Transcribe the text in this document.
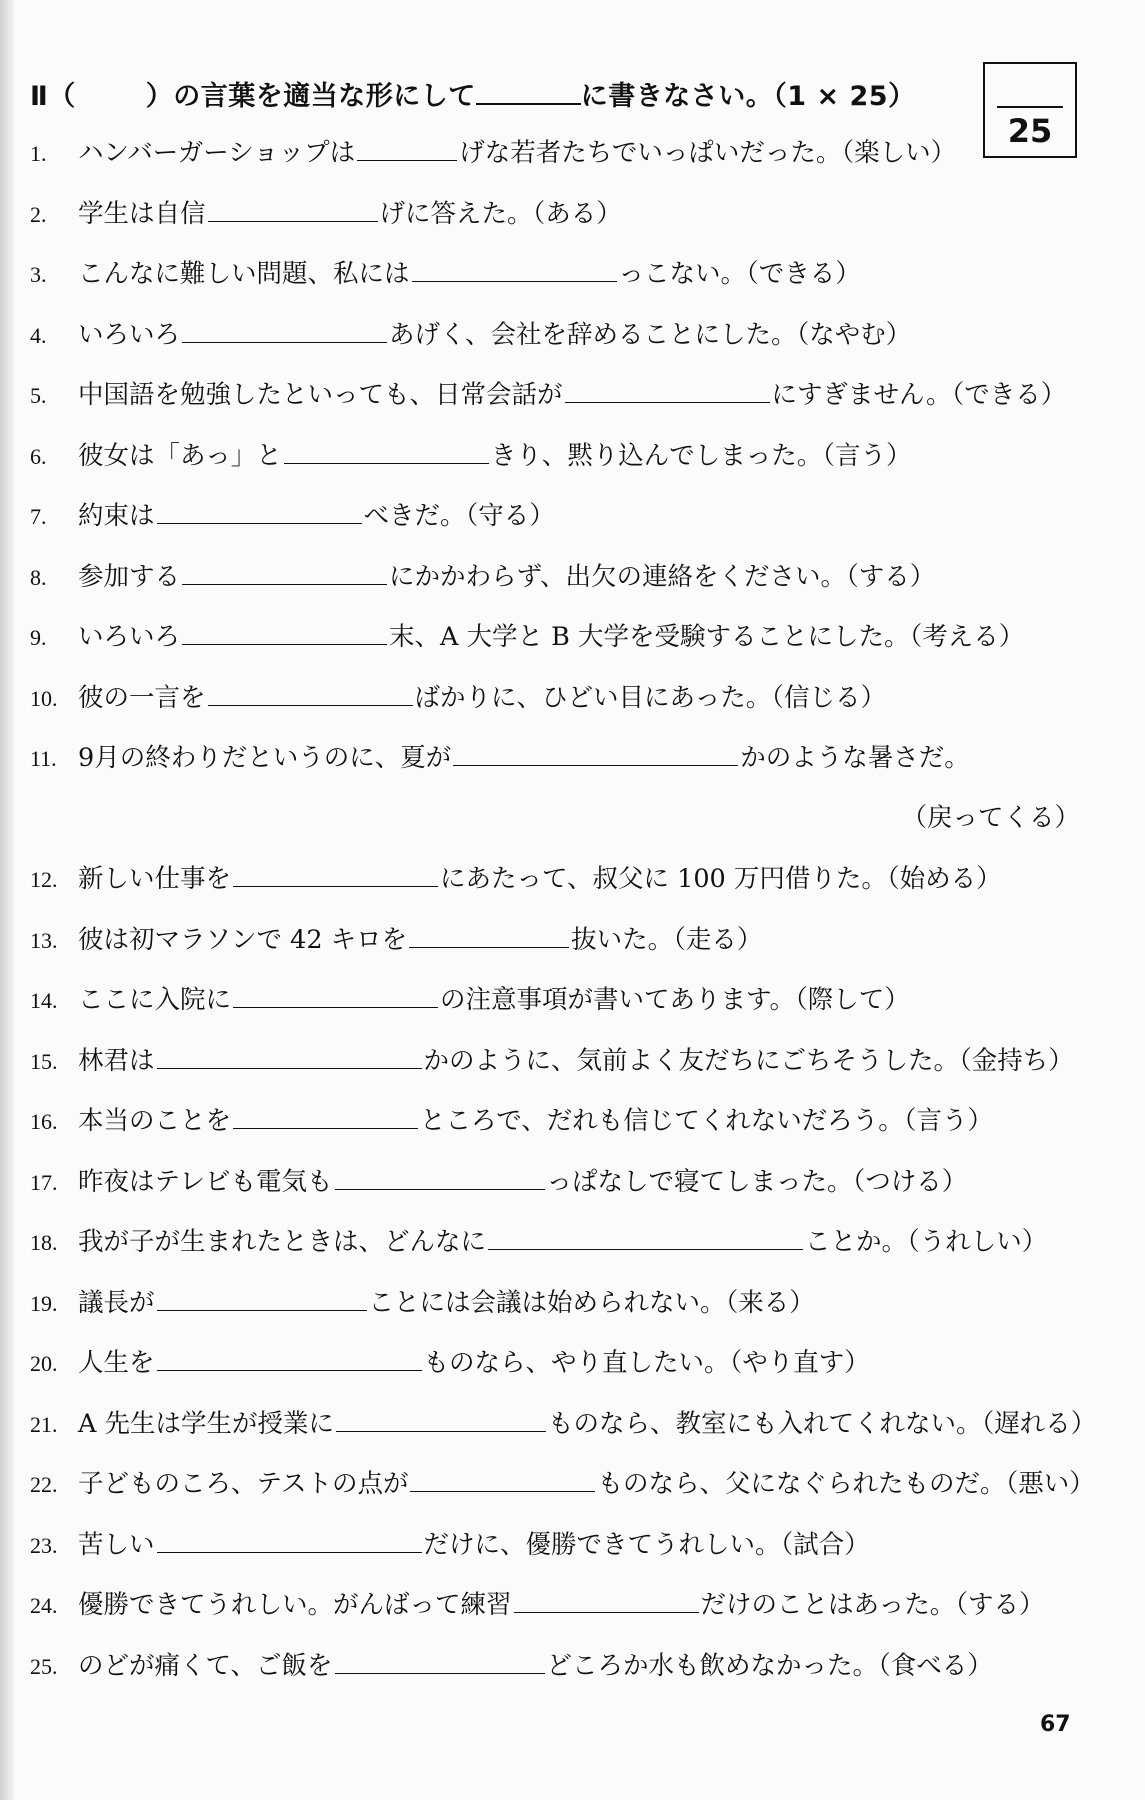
Ⅱ（	）の言葉を適当な形にして	に書きなさい。（1 × 25）
25
1. ハンバーガーショップは	げな若者たちでいっぱいだった。（楽しい）
2. 学生は自信	げに答えた。（ある）
3. こんなに難しい問題、私には	っこない。（できる）
4. いろいろ	あげく、会社を辞めることにした。（なやむ）
5. 中国語を勉強したといっても、日常会話が	にすぎません。（できる）
6. 彼女は「あっ」と	きり、黙り込んでしまった。（言う）
7. 約束は	べきだ。（守る）
8. 参加する	にかかわらず、出欠の連絡をください。（する）
9. いろいろ	末、A 大学と B 大学を受験することにした。（考える）
10. 彼の一言を	ばかりに、ひどい目にあった。（信じる）
11. 9月の終わりだというのに、夏が	かのような暑さだ。
（戻ってくる）
12. 新しい仕事を	にあたって、叔父に 100 万円借りた。（始める）
13. 彼は初マラソンで 42 キロを	抜いた。（走る）
14. ここに入院に	の注意事項が書いてあります。（際して）
15. 林君は	かのように、気前よく友だちにごちそうした。（金持ち）
16. 本当のことを	ところで、だれも信じてくれないだろう。（言う）
17. 昨夜はテレビも電気も	っぱなしで寝てしまった。（つける）
18. 我が子が生まれたときは、どんなに	ことか。（うれしい）
19. 議長が	ことには会議は始められない。（来る）
20. 人生を	ものなら、やり直したい。（やり直す）
21. A 先生は学生が授業に	ものなら、教室にも入れてくれない。（遅れる）
22. 子どものころ、テストの点が	ものなら、父になぐられたものだ。（悪い）
23. 苦しい	だけに、優勝できてうれしい。（試合）
24. 優勝できてうれしい。がんばって練習	だけのことはあった。（する）
25. のどが痛くて、ご飯を	どころか水も飲めなかった。（食べる）
67
